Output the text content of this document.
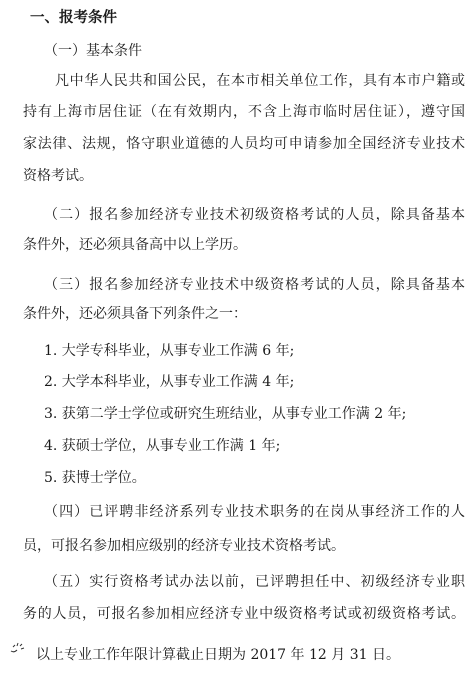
一、报考条件
（一）基本条件
凡中华人民共和国公民，在本市相关单位工作，具有本市户籍或
持有上海市居住证（在有效期内，不含上海市临时居住证），遵守国
家法律、法规，恪守职业道德的人员均可申请参加全国经济专业技术
资格考试。
（二）报名参加经济专业技术初级资格考试的人员，除具备基本
条件外，还必须具备高中以上学历。
（三）报名参加经济专业技术中级资格考试的人员，除具备基本
条件外，还必须具备下列条件之一：
1. 大学专科毕业，从事专业工作满 6 年;
2. 大学本科毕业，从事专业工作满 4 年;
3. 获第二学士学位或研究生班结业，从事专业工作满 2 年;
4. 获硕士学位，从事专业工作满 1 年;
5. 获博士学位。
（四）已评聘非经济系列专业技术职务的在岗从事经济工作的人
员，可报名参加相应级别的经济专业技术资格考试。
（五）实行资格考试办法以前，已评聘担任中、初级经济专业职
务的人员，可报名参加相应经济专业中级资格考试或初级资格考试。
以上专业工作年限计算截止日期为 2017 年 12 月 31 日。
